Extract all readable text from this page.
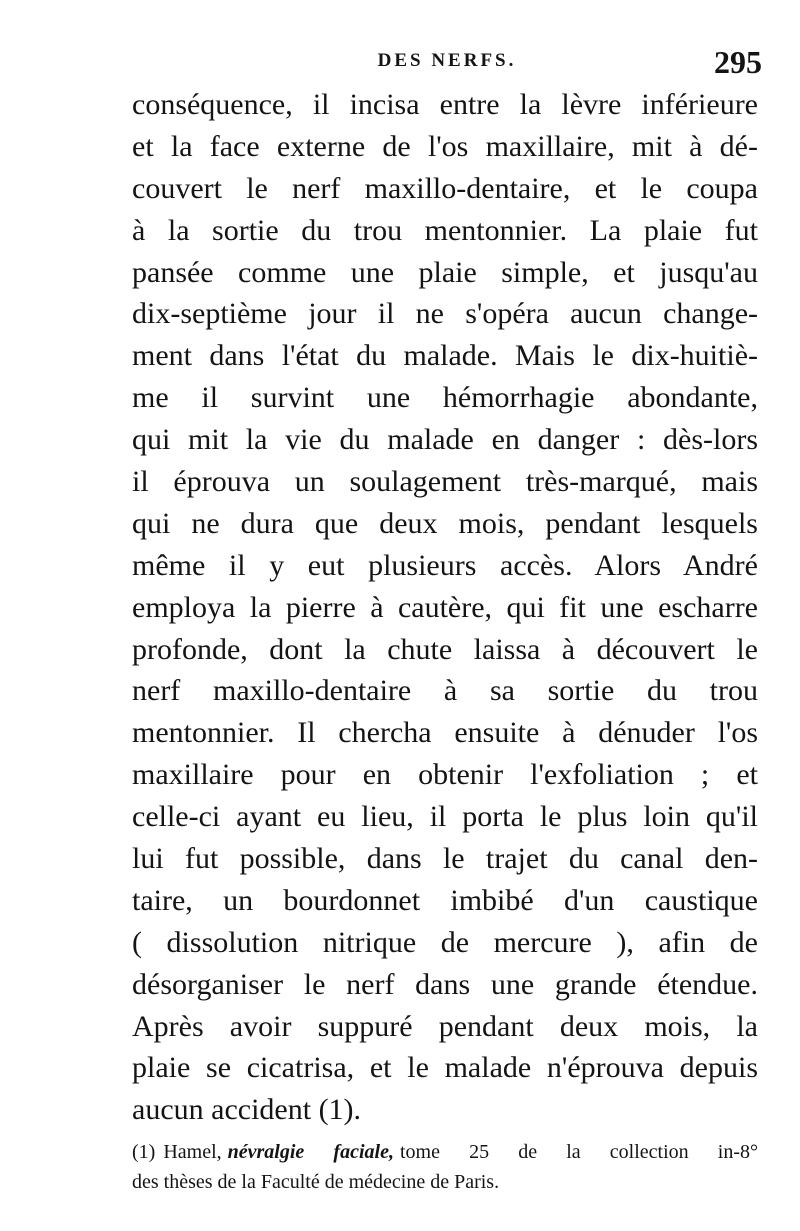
DES NERFS.	295
conséquence, il incisa entre la lèvre inférieure
et la face externe de l'os maxillaire, mit à dé-
couvert le nerf maxillo-dentaire, et le coupa
à la sortie du trou mentonnier. La plaie fut
pansée comme une plaie simple, et jusqu'au
dix-septième jour il ne s'opéra aucun change-
ment dans l'état du malade. Mais le dix-huitiè-
me il survint une hémorrhagie abondante,
qui mit la vie du malade en danger : dès-lors
il éprouva un soulagement très-marqué, mais
qui ne dura que deux mois, pendant lesquels
même il y eut plusieurs accès. Alors André
employa la pierre à cautère, qui fit une escharre
profonde, dont la chute laissa à découvert le
nerf maxillo-dentaire à sa sortie du trou
mentonnier. Il chercha ensuite à dénuder l'os
maxillaire pour en obtenir l'exfoliation ; et
celle-ci ayant eu lieu, il porta le plus loin qu'il
lui fut possible, dans le trajet du canal den-
taire, un bourdonnet imbibé d'un caustique
( dissolution nitrique de mercure ), afin de
désorganiser le nerf dans une grande étendue.
Après avoir suppuré pendant deux mois, la
plaie se cicatrisa, et le malade n'éprouva depuis
aucun accident (1).
(1) Hamel, névralgie faciale, tome 25 de la collection in-8°
des thèses de la Faculté de médecine de Paris.
